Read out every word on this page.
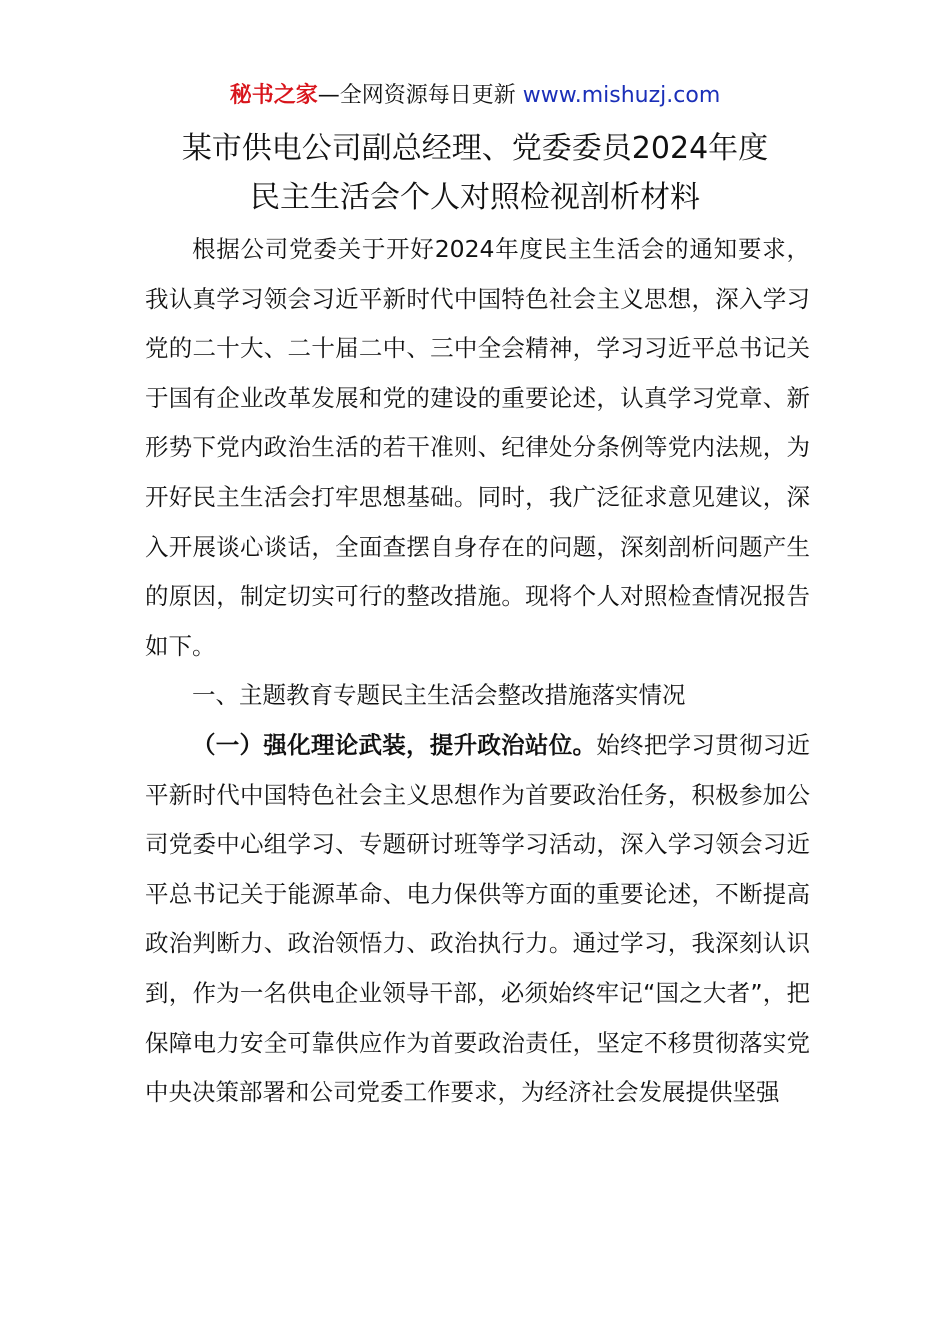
秘书之家—全网资源每日更新 www.mishuzj.com
某市供电公司副总经理、党委委员2024年度
民主生活会个人对照检视剖析材料

根据公司党委关于开好2024年度民主生活会的通知要求，我认真学习领会习近平新时代中国特色社会主义思想，深入学习党的二十大、二十届二中、三中全会精神，学习习近平总书记关于国有企业改革发展和党的建设的重要论述，认真学习党章、新形势下党内政治生活的若干准则、纪律处分条例等党内法规，为开好民主生活会打牢思想基础。同时，我广泛征求意见建议，深入开展谈心谈话，全面查摆自身存在的问题，深刻剖析问题产生的原因，制定切实可行的整改措施。现将个人对照检查情况报告如下。

一、主题教育专题民主生活会整改措施落实情况

（一）强化理论武装，提升政治站位。始终把学习贯彻习近平新时代中国特色社会主义思想作为首要政治任务，积极参加公司党委中心组学习、专题研讨班等学习活动，深入学习领会习近平总书记关于能源革命、电力保供等方面的重要论述，不断提高政治判断力、政治领悟力、政治执行力。通过学习，我深刻认识到，作为一名供电企业领导干部，必须始终牢记“国之大者”，把保障电力安全可靠供应作为首要政治责任，坚定不移贯彻落实党中央决策部署和公司党委工作要求，为经济社会发展提供坚强
